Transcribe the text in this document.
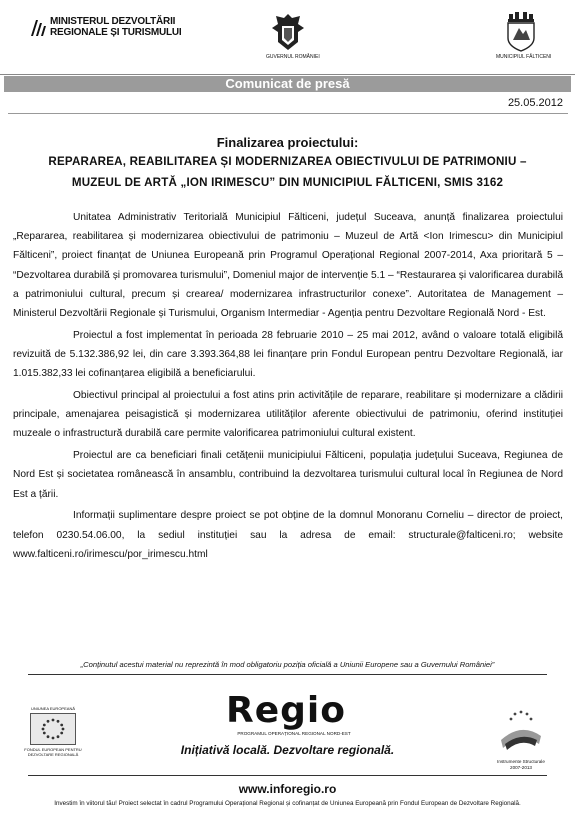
MINISTERUL DEZVOLTĂRII
REGIONALE ȘI TURISMULUI
GUVERNUL ROMÂNIEI	MUNICIPIUL FĂLTICENI
Comunicat de presă
25.05.2012
Finalizarea proiectului:
REPARAREA, REABILITAREA ȘI MODERNIZAREA OBIECTIVULUI DE PATRIMONIU –
MUZEUL DE ARTĂ „ION IRIMESCU” DIN MUNICIPIUL FĂLTICENI, SMIS 3162

Unitatea Administrativ Teritorială Municipiul Fălticeni, județul Suceava, anunță finalizarea proiectului „Repararea, reabilitarea și modernizarea obiectivului de patrimoniu – Muzeul de Artă <Ion Irimescu> din Municipiul Fălticeni”, proiect finanțat de Uniunea Europeană prin Programul Operațional Regional 2007-2014, Axa prioritară 5 – “Dezvoltarea durabilă și promovarea turismului”, Domeniul major de intervenție 5.1 – “Restaurarea și valorificarea durabilă a patrimoniului cultural, precum și crearea/ modernizarea infrastructurilor conexe”. Autoritatea de Management – Ministerul Dezvoltării Regionale și Turismului, Organism Intermediar - Agenția pentru Dezvoltare Regională Nord - Est.

Proiectul a fost implementat în perioada 28 februarie 2010 – 25 mai 2012, având o valoare totală eligibilă revizuită de 5.132.386,92 lei, din care 3.393.364,88 lei finanțare prin Fondul European pentru Dezvoltare Regională, iar 1.015.382,33 lei cofinanțarea eligibilă a beneficiarului.

Obiectivul principal al proiectului a fost atins prin activitățile de reparare, reabilitare și modernizare a clădirii principale, amenajarea peisagistică și modernizarea utilităților aferente obiectivului de patrimoniu, oferind instituției muzeale o infrastructură durabilă care permite valorificarea patrimoniului cultural existent.

Proiectul are ca beneficiari finali cetățenii municipiului Fălticeni, populația județului Suceava, Regiunea de Nord Est și societatea românească în ansamblu, contribuind la dezvoltarea turismului cultural local în Regiunea de Nord Est a țării.

Informații suplimentare despre proiect se pot obține de la domnul Monoranu Corneliu – director de proiect, telefon 0230.54.06.00, la sediul instituției sau la adresa de email: structurale@falticeni.ro; website www.falticeni.ro/irimescu/por_irimescu.html

„Conținutul acestui material nu reprezintă în mod obligatoriu poziția oficială a Uniunii Europene sau a Guvernului României”
UNIUNEA EUROPEANĂ
FONDUL EUROPEAN PENTRU DEZVOLTARE REGIONALĂ
Regio
PROGRAMUL OPERAȚIONAL REGIONAL NORD-EST
Inițiativă locală. Dezvoltare regională.
Instrumente Structurale
2007-2013
www.inforegio.ro
Investim în viitorul tău! Proiect selectat în cadrul Programului Operațional Regional și cofinanțat de Uniunea Europeană prin Fondul European de Dezvoltare Regională.
